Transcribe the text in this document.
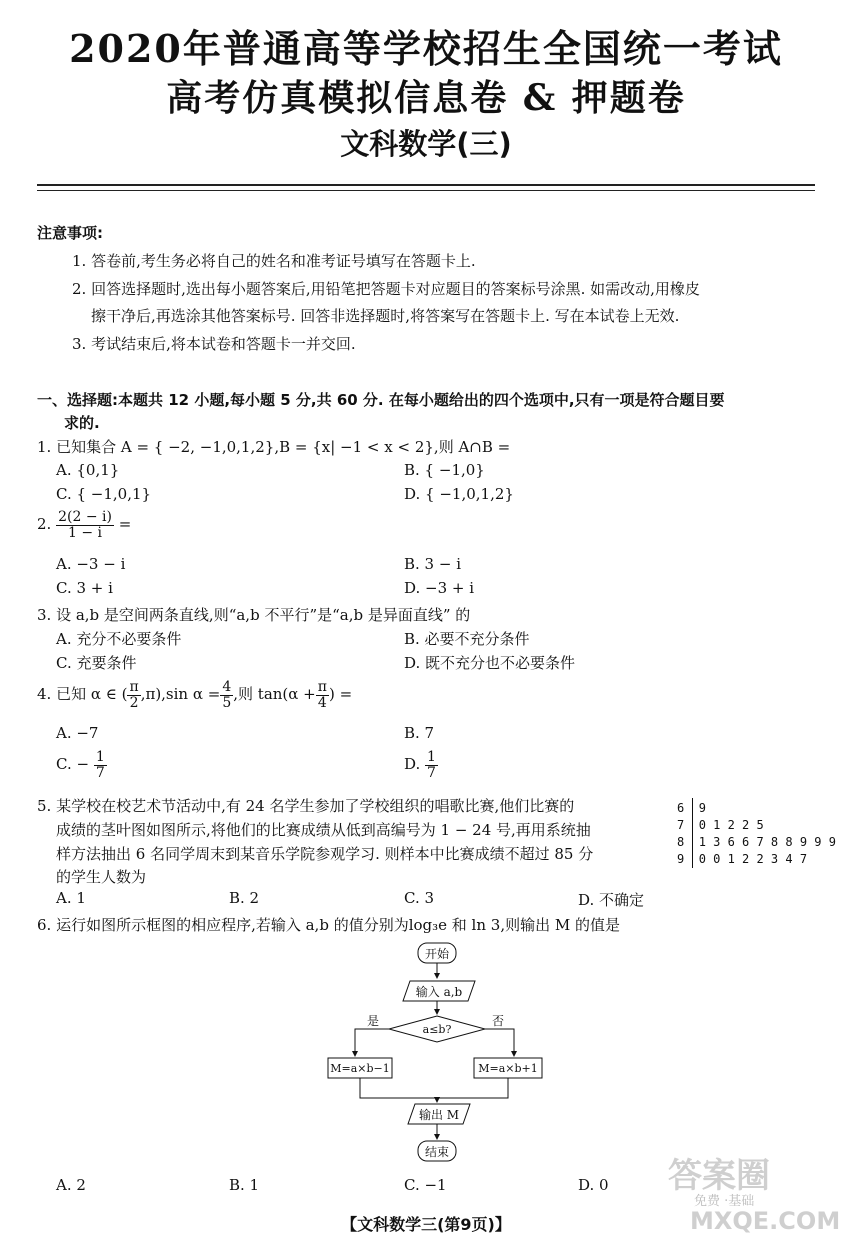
2020年普通高等学校招生全国统一考试
高考仿真模拟信息卷 & 押题卷
文科数学(三)
注意事项:
1. 答卷前,考生务必将自己的姓名和准考证号填写在答题卡上.
2. 回答选择题时,选出每小题答案后,用铅笔把答题卡对应题目的答案标号涂黑. 如需改动,用橡皮
擦干净后,再选涂其他答案标号. 回答非选择题时,将答案写在答题卡上. 写在本试卷上无效.
3. 考试结束后,将本试卷和答题卡一并交回.
一、选择题:本题共 12 小题,每小题 5 分,共 60 分. 在每小题给出的四个选项中,只有一项是符合题目要
求的.
1. 已知集合 A = { −2, −1,0,1,2},B = {x| −1 < x < 2},则 A∩B =
A. {0,1}	B. { −1,0}
C. { −1,0,1}	D. { −1,0,1,2}
2. $\frac{2(2 - i)}{1 - i}$ =
A. −3 − i	B. 3 − i
C. 3 + i	D. −3 + i
3. 设 a,b 是空间两条直线,则“a,b 不平行”是“a,b 是异面直线” 的
A. 充分不必要条件	B. 必要不充分条件
C. 充要条件	D. 既不充分也不必要条件
4. 已知 α ∈ ( $\frac{\pi}{2} ,\pi),\sin$ $\alpha = \frac{4}{5}$ ,则 $\tan(\alpha + \frac{\pi}{4}$ ) =
A. −7	B. 7
C. − $\frac{1}{7}$	D. $\frac{1}{7}$
5. 某学校在校艺术节活动中,有 24 名学生参加了学校组织的唱歌比赛,他们比赛的
成绩的茎叶图如图所示,将他们的比赛成绩从低到高编号为 1 − 24 号,再用系统抽
样方法抽出 6 名同学周末到某音乐学院参观学习. 则样本中比赛成绩不超过 85 分
的学生人数为
6 9
7 0 1 2 2 5
8 1 3 6 6 7 8 8 9 9 9
9 0 0 1 2 2 3 4 7
A. 1	B. 2	C. 3	D. 不确定
6. 运行如图所示框图的相应程序,若输入 a,b 的值分别为log₃e 和 ln 3,则输出 M 的值是
开始
输入 a,b
a≤b?
是	否
M=a×b−1	M=a×b+1
输出 M
结束
A. 2	B. 1	C. −1	D. 0
【文科数学三(第9页)】
答案圈
免费 ·基础
MXQE.COM
